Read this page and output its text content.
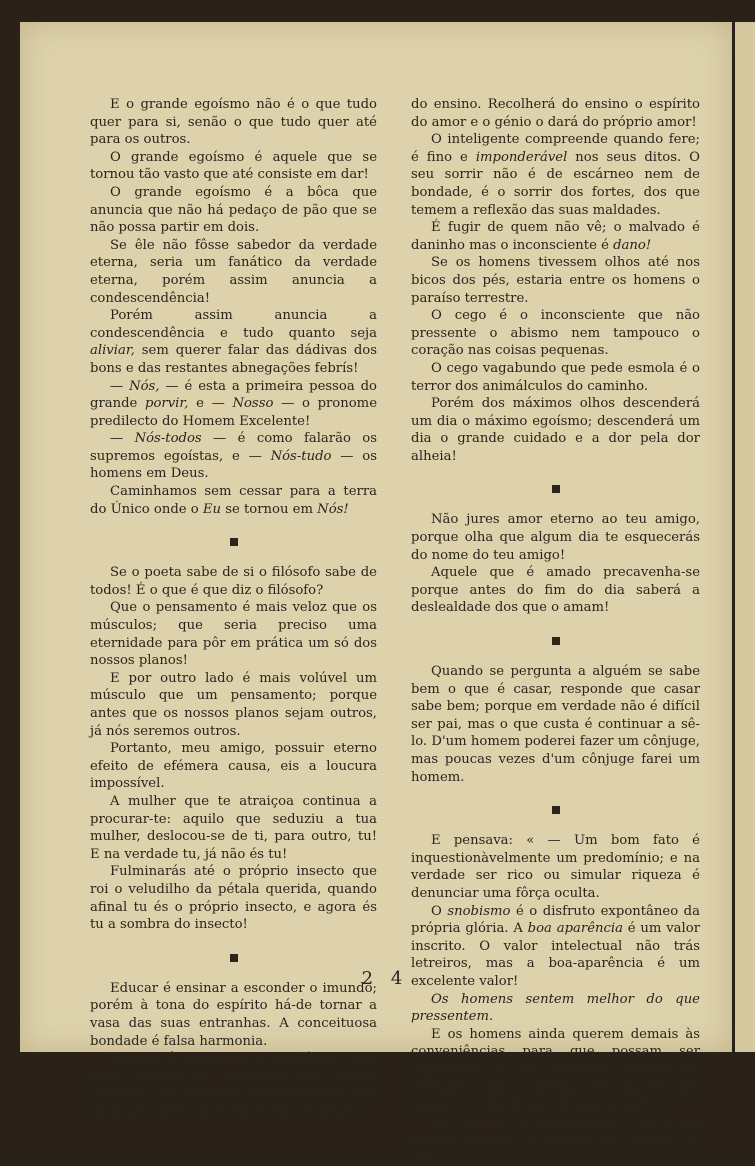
E o grande egoísmo não é o que tudo quer para si, senão o que tudo quer até para os outros.

O grande egoísmo é aquele que se tornou tão vasto que até consiste em dar!

O grande egoísmo é a bôca que anuncia que não há pedaço de pão que se não possa partir em dois.

Se êle não fôsse sabedor da verdade eterna, seria um fanático da verdade eterna, porém assim anuncia a condescendência!

Porém assim anuncia a condescendência e tudo quanto seja aliviar, sem querer falar das dádivas dos bons e das restantes abnegações febrís!

— Nós, — é esta a primeira pessoa do grande porvir, e — Nosso — o pronome predilecto do Homem Excelente!

— Nós-todos — é como falarão os supremos egoístas, e — Nós-tudo — os homens em Deus.

Caminhamos sem cessar para a terra do Único onde o Eu se tornou em Nós!

Se o poeta sabe de si o filósofo sabe de todos! É o que é que diz o filósofo?

Que o pensamento é mais veloz que os músculos; que seria preciso uma eternidade para pôr em prática um só dos nossos planos!

E por outro lado é mais volúvel um músculo que um pensamento; porque antes que os nossos planos sejam outros, já nós seremos outros.

Portanto, meu amigo, possuir eterno efeito de efémera causa, eis a loucura impossível.

A mulher que te atraiçoa continua a procurar-te: aquilo que seduziu a tua mulher, deslocou-se de ti, para outro, tu! E na verdade tu, já não és tu!

Fulminarás até o próprio insecto que roi o veludilho da pétala querida, quando afinal tu és o próprio insecto, e agora és tu a sombra do insecto!

Educar é ensinar a esconder o imundo; porém à tona do espírito há-de tornar a vasa das suas entranhas. A conceituosa bondade é falsa harmonia.

Educar é ministrar o equilíbrio; mas onde haverá um equilíbrio não sendo ingénito?! Só o homem inteligente tem por intuição o que o homem medíocre logrou

do ensino. Recolherá do ensino o espírito do amor e o génio o dará do próprio amor!

O inteligente compreende quando fere; é fino e imponderável nos seus ditos. O seu sorrir não é de escárneo nem de bondade, é o sorrir dos fortes, dos que temem a reflexão das suas maldades.

É fugir de quem não vê; o malvado é daninho mas o inconsciente é dano!

Se os homens tivessem olhos até nos bicos dos pés, estaria entre os homens o paraíso terrestre.

O cego é o inconsciente que não pressente o abismo nem tampouco o coração nas coisas pequenas.

O cego vagabundo que pede esmola é o terror dos animálculos do caminho.

Porém dos máximos olhos descenderá um dia o máximo egoísmo; descenderá um dia o grande cuidado e a dor pela dor alheia!

Não jures amor eterno ao teu amigo, porque olha que algum dia te esquecerás do nome do teu amigo!

Aquele que é amado precavenha-se porque antes do fim do dia saberá a deslealdade dos que o amam!

Quando se pergunta a alguém se sabe bem o que é casar, responde que casar sabe bem; porque em verdade não é difícil ser pai, mas o que custa é continuar a sê-lo. D'um homem poderei fazer um cônjuge, mas poucas vezes d'um cônjuge farei um homem.

E pensava: « — Um bom fato é inquestionàvelmente um predomínio; e na verdade ser rico ou simular riqueza é denunciar uma fôrça oculta.

O snobismo é o disfruto expontâneo da própria glória. A boa aparência é um valor inscrito. O valor intelectual não trás letreiros, mas a boa-aparência é um excelente valor!

Os homens sentem melhor do que pressentem.

E os homens ainda querem demais às conveniências para que possam ser superiores às suas vaidades. Porque em verdade o moço infeliz seria aquele que passasse o lustro do coração — ao fato.

Se o olham, — desolham-no; e até a sua amada haveria de passar do sorriso ao riso.

2 4
